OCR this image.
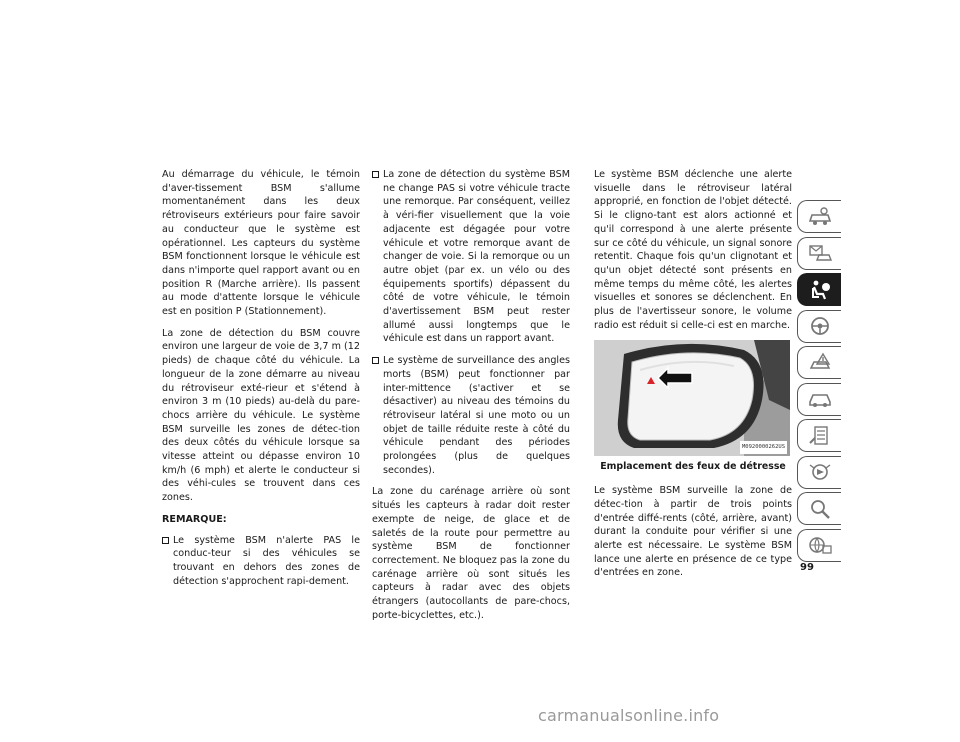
Au démarrage du véhicule, le témoin d'aver-tissement BSM s'allume momentanément dans les deux rétroviseurs extérieurs pour faire savoir au conducteur que le système est opérationnel. Les capteurs du système BSM fonctionnent lorsque le véhicule est dans n'importe quel rapport avant ou en position R (Marche arrière). Ils passent au mode d'attente lorsque le véhicule est en position P (Stationnement).

La zone de détection du BSM couvre environ une largeur de voie de 3,7 m (12 pieds) de chaque côté du véhicule. La longueur de la zone démarre au niveau du rétroviseur exté-rieur et s'étend à environ 3 m (10 pieds) au-delà du pare-chocs arrière du véhicule. Le système BSM surveille les zones de détec-tion des deux côtés du véhicule lorsque sa vitesse atteint ou dépasse environ 10 km/h (6 mph) et alerte le conducteur si des véhi-cules se trouvent dans ces zones.

REMARQUE:
Le système BSM n'alerte PAS le conduc-teur si des véhicules se trouvant en dehors des zones de détection s'approchent rapi-dement.
La zone de détection du système BSM ne change PAS si votre véhicule tracte une remorque. Par conséquent, veillez à véri-fier visuellement que la voie adjacente est dégagée pour votre véhicule et votre remorque avant de changer de voie. Si la remorque ou un autre objet (par ex. un vélo ou des équipements sportifs) dépassent du côté de votre véhicule, le témoin d'avertissement BSM peut rester allumé aussi longtemps que le véhicule est dans un rapport avant.
Le système de surveillance des angles morts (BSM) peut fonctionner par inter-mittence (s'activer et se désactiver) au niveau des témoins du rétroviseur latéral si une moto ou un objet de taille réduite reste à côté du véhicule pendant des périodes prolongées (plus de quelques secondes).

La zone du carénage arrière où sont situés les capteurs à radar doit rester exempte de neige, de glace et de saletés de la route pour permettre au système BSM de fonctionner correctement. Ne bloquez pas la zone du carénage arrière où sont situés les capteurs à radar avec des objets étrangers (autocollants de pare-chocs, porte-bicyclettes, etc.).

Le système BSM déclenche une alerte visuelle dans le rétroviseur latéral approprié, en fonction de l'objet détecté. Si le cligno-tant est alors actionné et qu'il correspond à une alerte présente sur ce côté du véhicule, un signal sonore retentit. Chaque fois qu'un clignotant et qu'un objet détecté sont présents en même temps du même côté, les alertes visuelles et sonores se déclenchent. En plus de l'avertisseur sonore, le volume radio est réduit si celle-ci est en marche.

M0920000262US
Emplacement des feux de détresse

Le système BSM surveille la zone de détec-tion à partir de trois points d'entrée diffé-rents (côté, arrière, avant) durant la conduite pour vérifier si une alerte est nécessaire. Le système BSM lance une alerte en présence de ce type d'entrées en zone.	99
carmanualsonline.info
